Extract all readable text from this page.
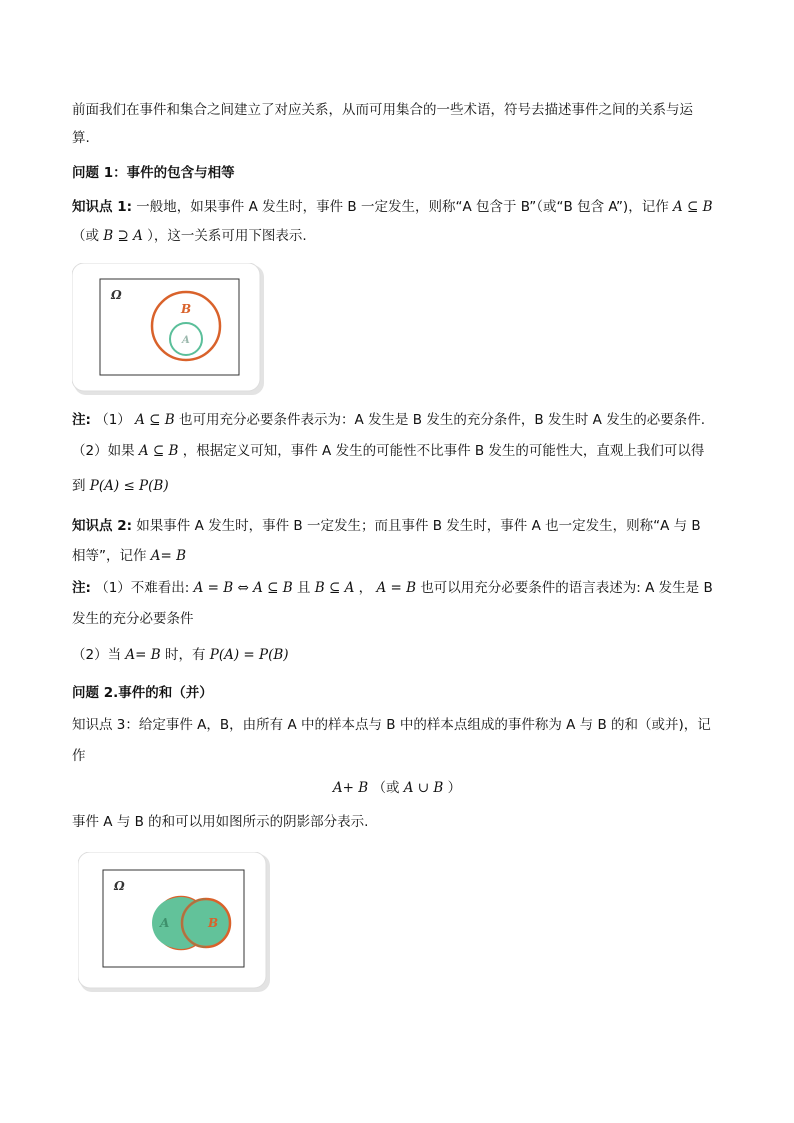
前面我们在事件和集合之间建立了对应关系，从而可用集合的一些术语，符号去描述事件之间的关系与运
算.
问题 1：事件的包含与相等
知识点 1: 一般地，如果事件 A 发生时，事件 B 一定发生，则称“A 包含于 B”（或“B 包含 A”)，记作 A ⊆ B
（或 B ⊇ A ），这一关系可用下图表示.
Ω
B
A
注: （1） A ⊆ B 也可用充分必要条件表示为：A 发生是 B 发生的充分条件，B 发生时 A 发生的必要条件.
（2）如果 A ⊆ B ，根据定义可知，事件 A 发生的可能性不比事件 B 发生的可能性大，直观上我们可以得
到 P(A) ≤ P(B)
知识点 2: 如果事件 A 发生时，事件 B 一定发生；而且事件 B 发生时，事件 A 也一定发生，则称“A 与 B
相等”，记作 A= B
注: （1）不难看出: A = B ⇔ A ⊆ B 且 B ⊆ A ， A = B 也可以用充分必要条件的语言表述为: A 发生是 B
发生的充分必要条件
（2）当 A= B 时，有 P(A) = P(B)
问题 2.事件的和（并）
知识点 3：给定事件 A，B，由所有 A 中的样本点与 B 中的样本点组成的事件称为 A 与 B 的和（或并)，记
作
A+ B （或 A ∪ B ）
事件 A 与 B 的和可以用如图所示的阴影部分表示.
Ω
A	B
